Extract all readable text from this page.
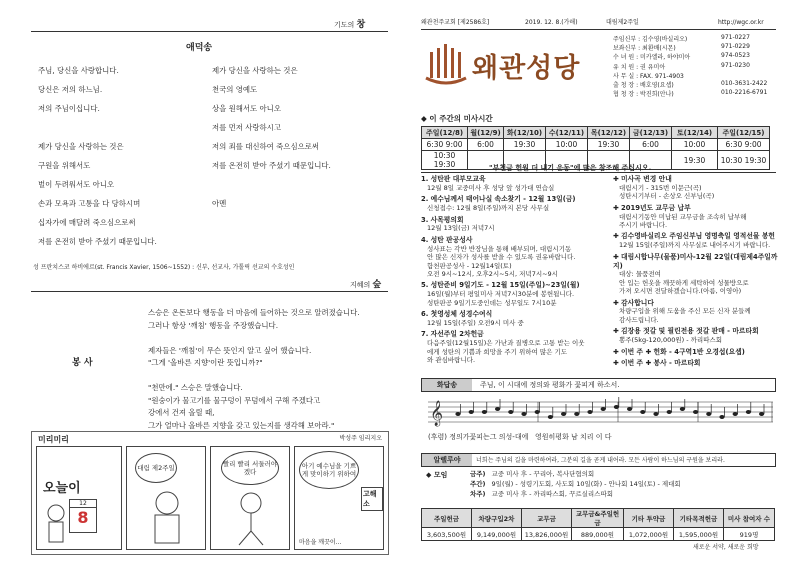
기도의 창
애덕송
주님, 당신을 사랑합니다.
당신은 저의 하느님.
저의 주님이십니다.
제가 당신을 사랑하는 것은
구원을 위해서도
벌이 두려워서도 아니오
손과 모욕과 고통을 다 당하시며
십자가에 매달려 죽으심으로써
저를 온전히 받아 주셨기 때문입니다.
제가 당신을 사랑하는 것은
천국의 영예도
상을 원해서도 아니오
저를 먼저 사랑하시고
저의 죄를 대신하여 죽으심으로써
저를 온전히 받아 주셨기 때문입니다.
아멘
성 프란치스코 하비에르(st. Francis Xavier, 1506~1552) : 신부, 선교사, 가톨릭 선교의 수호성인
지혜의 숲
봉 사
스승은 온돈보다 행동을 더 마음에 들어하는 것으로 알려졌습니다.
그러나 항상 '깨침' 행동을 주장했습니다.
제자들은 '깨침'이 무슨 뜻인지 알고 싶어 했습니다.
"그게 '올바른 지향'이란 뜻입니까?"
"천만에." 스승은 말했습니다.
"원숭이가 물고기를 물구덩이 무덤에서 구해 주겠다고
강에서 건져 올릴 때,
그가 얼마나 올바른 지향을 갖고 있는지를 생각해 보아라."
미리미리	박성주 임리지오
오늘이
12
8
대림 제2주일
빨리 빨리 서둘러야 겠다
아기 예수님을 기쁘게 맞이하기 위하여
고해소
마음을 깨끗이...
왜관천주교회 [제2586호]	2019. 12. 8.(가해)	대림제2주일	http://wgc.or.kr
왜관성당
주임신부 : 김수영(바실리오)	971-0227
보좌신부 : 최환배(시몬)	971-0229
수 녀 원 : 미카엘라, 하야미아	974-0523
유 치 원 : 권 유미아	971-0230
사 무 실 : FAX. 971-4903
출 청 장 : 배호영(요셉)	010-3631-2422
협 청 장 : 박진희(안나)	010-2216-6791
◆ 이 주간의 미사시간
주일(12/8)	월(12/9)	화(12/10)	수(12/11)	목(12/12)	금(12/13)	토(12/14)	주일(12/15)
6:30 9:00	6:00	19:30	10:00	19:30	6:00	10:00	6:30 9:00
10:30 19:30						19:30	10:30 19:30
"부천금 헌원 더 내기 운동"에 많은 참조해 주십시오.
1. 성탄판 대부모교육
12월 8일 교중미사 후 성당 앞 성가대 연습실
2. 예수님께서 태어나실 속소찾기 - 12월 13일(금)
신청접수: 12월 8일(주일)까지 본당 사무실
3. 사목평의회
12월 13일(금) 저녁7시
4. 성탄 판공성사
성사표는 각반 반장님을 통해 배부되며, 대림시기동
안 많은 신자가 성사를 받을 수 있도록 권유바랍니다.
함천판공성사 - 12월14일(토)
오전 9시~12시, 오후2시~5시, 저녁7시~9시
5. 성탄준비 9일기도 - 12월 15일(주일)~23일(월)
16일(월)부터 평일미사 저녁7시30분에 봉헌됩니다.
성탄판공 9일기도중인데는 성무일도 7시10분
6. 첫영성체 성경수여식
12월 15일(주일) 오전9시 미사 중
7. 자선주일 2차헌금
다음주일(12월15일)은 가난과 질병으로 고통 받는 이웃
에게 성탄의 기쁨과 희망을 주기 위하여 많은 기도
와 관심바랍니다.
✚ 미사곡 변경 안내
대림시기 - 315번 이문근(곡)
성탄시기부터 - 손상오 신부님(곡)
✚ 2019년도 교무금 납부
대림시기동안 미납된 교무금을 조속히 납부해
주시기 바랍니다.
✚ 김수영바실리오 주임신부님 영명축일 영적선물 봉헌
12월 15일(주일)까지 사무실로 내어주시기 바랍니다.
✚ 대림시합나무(물품)미사-12월 22일(대림제4주일까지)
대상: 물품전여
안 입는 헌옷을 깨끗하게 세탁하여 성물방으로
가져 오시면 전달하겠습니다.(아름, 이영아)
✚ 감사합니다
차량구입을 위해 도움을 주신 모든 신자 분들께
감사드립니다.
✚ 김장용 젓갈 및 필린전용 젓갈 판매 - 마르타회
뽕주(5kg-120,000원) - 까리따스회
✚ 이번 주 ✚ 헌화 - 4구역1반 오경섭(요셉)
✚ 이번 주 ✚ 봉사 - 마르타회
화답송	주님, 이 시대에 정의와 평화가 꽃피게 하소서.
𝄞
(후렴) 정의가꽃피는그 의성-대에   영원히평화 남 치리 이 다
알렐루야	너희는 주님의 길을 마련하여라, 그분의 길을 곧게 내어라. 모든 사람이 하느님의 구원을 보리라.
◆ 모임	금주) 교중 미사 후 - 꾸리아, 복사단협의회
주간) 9일(월) - 성령기도회, 사도회 10일(화) - 안나회 14일(토) - 제대회
차주) 교중 미사 후 - 까리따스회, 꾸르실리스따회
주일헌금	차량구입2차	교무금	교무금&주일헌금	기타 투약금	기타목적헌금	미사 참여자 수
3,603,500원	9,149,000원	13,826,000원	889,000원	1,072,000원	1,595,000원	919명
새로운 서약, 새로운 희망
